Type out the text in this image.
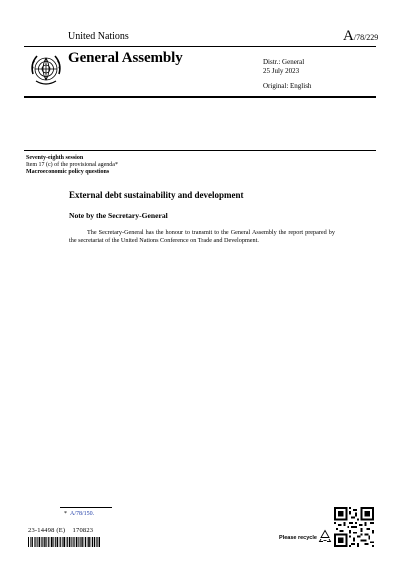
United Nations	A/78/229
General Assembly	Distr.: General
25 July 2023
Original: English
Seventy-eighth session
Item 17 (c) of the provisional agenda*
Macroeconomic policy questions
External debt sustainability and development
Note by the Secretary-General

The Secretary-General has the honour to transmit to the General Assembly the report prepared by the secretariat of the United Nations Conference on Trade and Development.

* A/78/150.
23-14498 (E)    170823
Please recycle
